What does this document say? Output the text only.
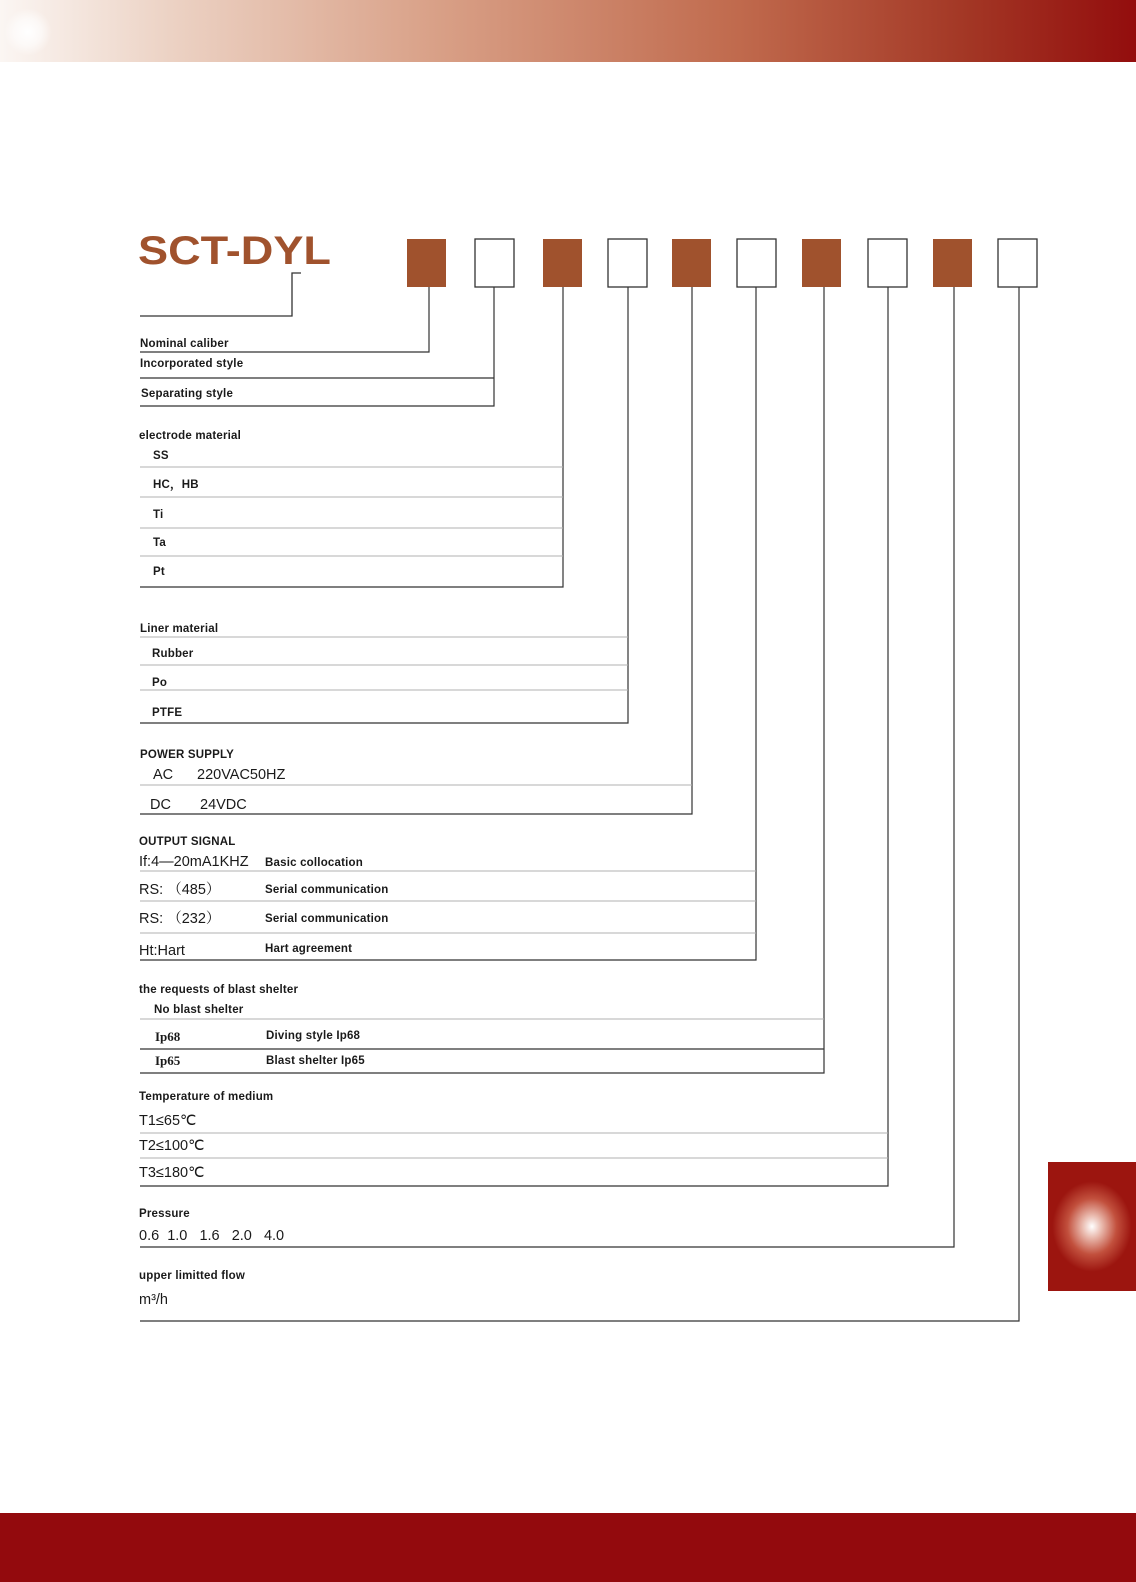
SCT-DYL
Nominal caliber
Incorporated style
Separating style
electrode material
SS
HC，HB
Ti
Ta
Pt
Liner material
Rubber
Po
PTFE
POWER SUPPLY
AC 220VAC50HZ
DC 24VDC
OUTPUT SIGNAL
If:4—20mA1KHZ Basic collocation
RS: （485）	Serial communication
RS: （232）	Serial communication
Ht:Hart	Hart agreement
the requests of blast shelter
No blast shelter
Ip68	Diving style Ip68
Ip65	Blast shelter Ip65
Temperature of medium
T1≤65℃
T2≤100℃
T3≤180℃
Pressure
0.6  1.0   1.6   2.0   4.0
upper limitted flow
m³/h
